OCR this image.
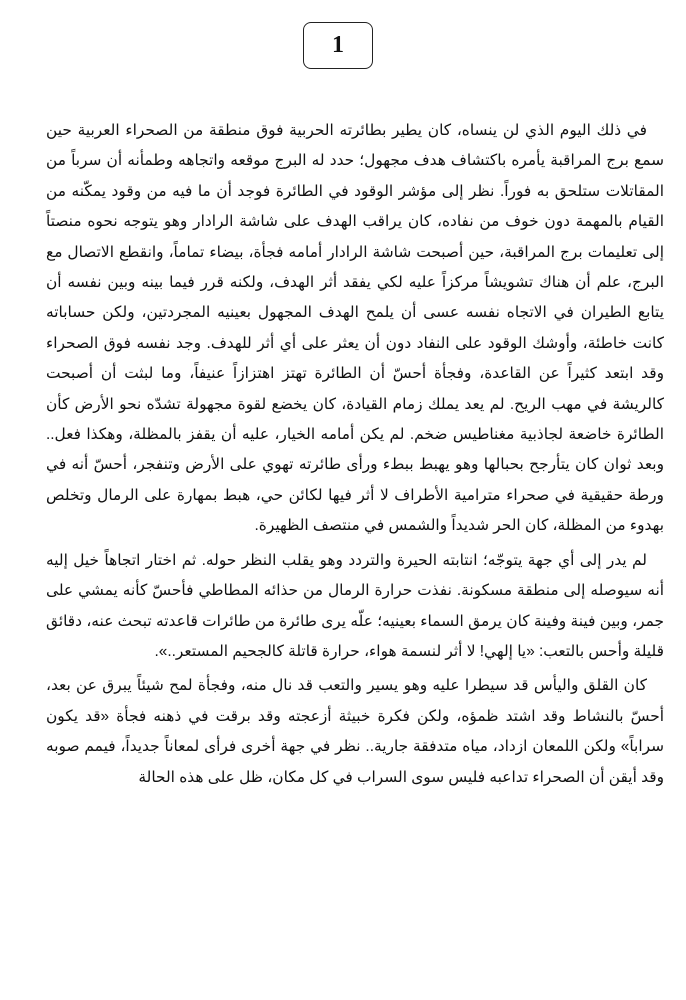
1

في ذلك اليوم الذي لن ينساه، كان يطير بطائرته الحربية فوق منطقة من الصحراء العربية حين سمع برج المراقبة يأمره باكتشاف هدف مجهول؛ حدد له البرج موقعه واتجاهه وطمأنه أن سرباً من المقاتلات ستلحق به فوراً. نظر إلى مؤشر الوقود في الطائرة فوجد أن ما فيه من وقود يمكّنه من القيام بالمهمة دون خوف من نفاده، كان يراقب الهدف على شاشة الرادار وهو يتوجه نحوه منصتاً إلى تعليمات برج المراقبة، حين أصبحت شاشة الرادار أمامه فجأة، بيضاء تماماً، وانقطع الاتصال مع البرج، علم أن هناك تشويشاً مركزاً عليه لكي يفقد أثر الهدف، ولكنه قرر فيما بينه وبين نفسه أن يتابع الطيران في الاتجاه نفسه عسى أن يلمح الهدف المجهول بعينيه المجردتين، ولكن حساباته كانت خاطئة، وأوشك الوقود على النفاد دون أن يعثر على أي أثر للهدف. وجد نفسه فوق الصحراء وقد ابتعد كثيراً عن القاعدة، وفجأة أحسّ أن الطائرة تهتز اهتزازاً عنيفاً، وما لبثت أن أصبحت كالريشة في مهب الريح. لم يعد يملك زمام القيادة، كان يخضع لقوة مجهولة تشدّه نحو الأرض كأن الطائرة خاضعة لجاذبية مغناطيس ضخم. لم يكن أمامه الخيار، عليه أن يقفز بالمظلة، وهكذا فعل.. وبعد ثوان كان يتأرجح بحبالها وهو يهبط ببطء ورأى طائرته تهوي على الأرض وتنفجر، أحسّ أنه في ورطة حقيقية في صحراء مترامية الأطراف لا أثر فيها لكائن حي، هبط بمهارة على الرمال وتخلص بهدوء من المظلة، كان الحر شديداً والشمس في منتصف الظهيرة.

لم يدر إلى أي جهة يتوجّه؛ انتابته الحيرة والتردد وهو يقلب النظر حوله. ثم اختار اتجاهاً خيل إليه أنه سيوصله إلى منطقة مسكونة. نفذت حرارة الرمال من حذائه المطاطي فأحسّ كأنه يمشي على جمر، وبين فينة وفينة كان يرمق السماء بعينيه؛ علّه يرى طائرة من طائرات قاعدته تبحث عنه، دقائق قليلة وأحس بالتعب: «يا إلهي! لا أثر لنسمة هواء، حرارة قاتلة كالجحيم المستعر..».

كان القلق واليأس قد سيطرا عليه وهو يسير والتعب قد نال منه، وفجأة لمح شيئاً يبرق عن بعد، أحسّ بالنشاط وقد اشتد ظمؤه، ولكن فكرة خبيثة أزعجته وقد برقت في ذهنه فجأة «قد يكون سراباً» ولكن اللمعان ازداد، مياه متدفقة جارية.. نظر في جهة أخرى فرأى لمعاناً جديداً، فيمم صوبه وقد أيقن أن الصحراء تداعبه فليس سوى السراب في كل مكان، ظل على هذه الحالة
